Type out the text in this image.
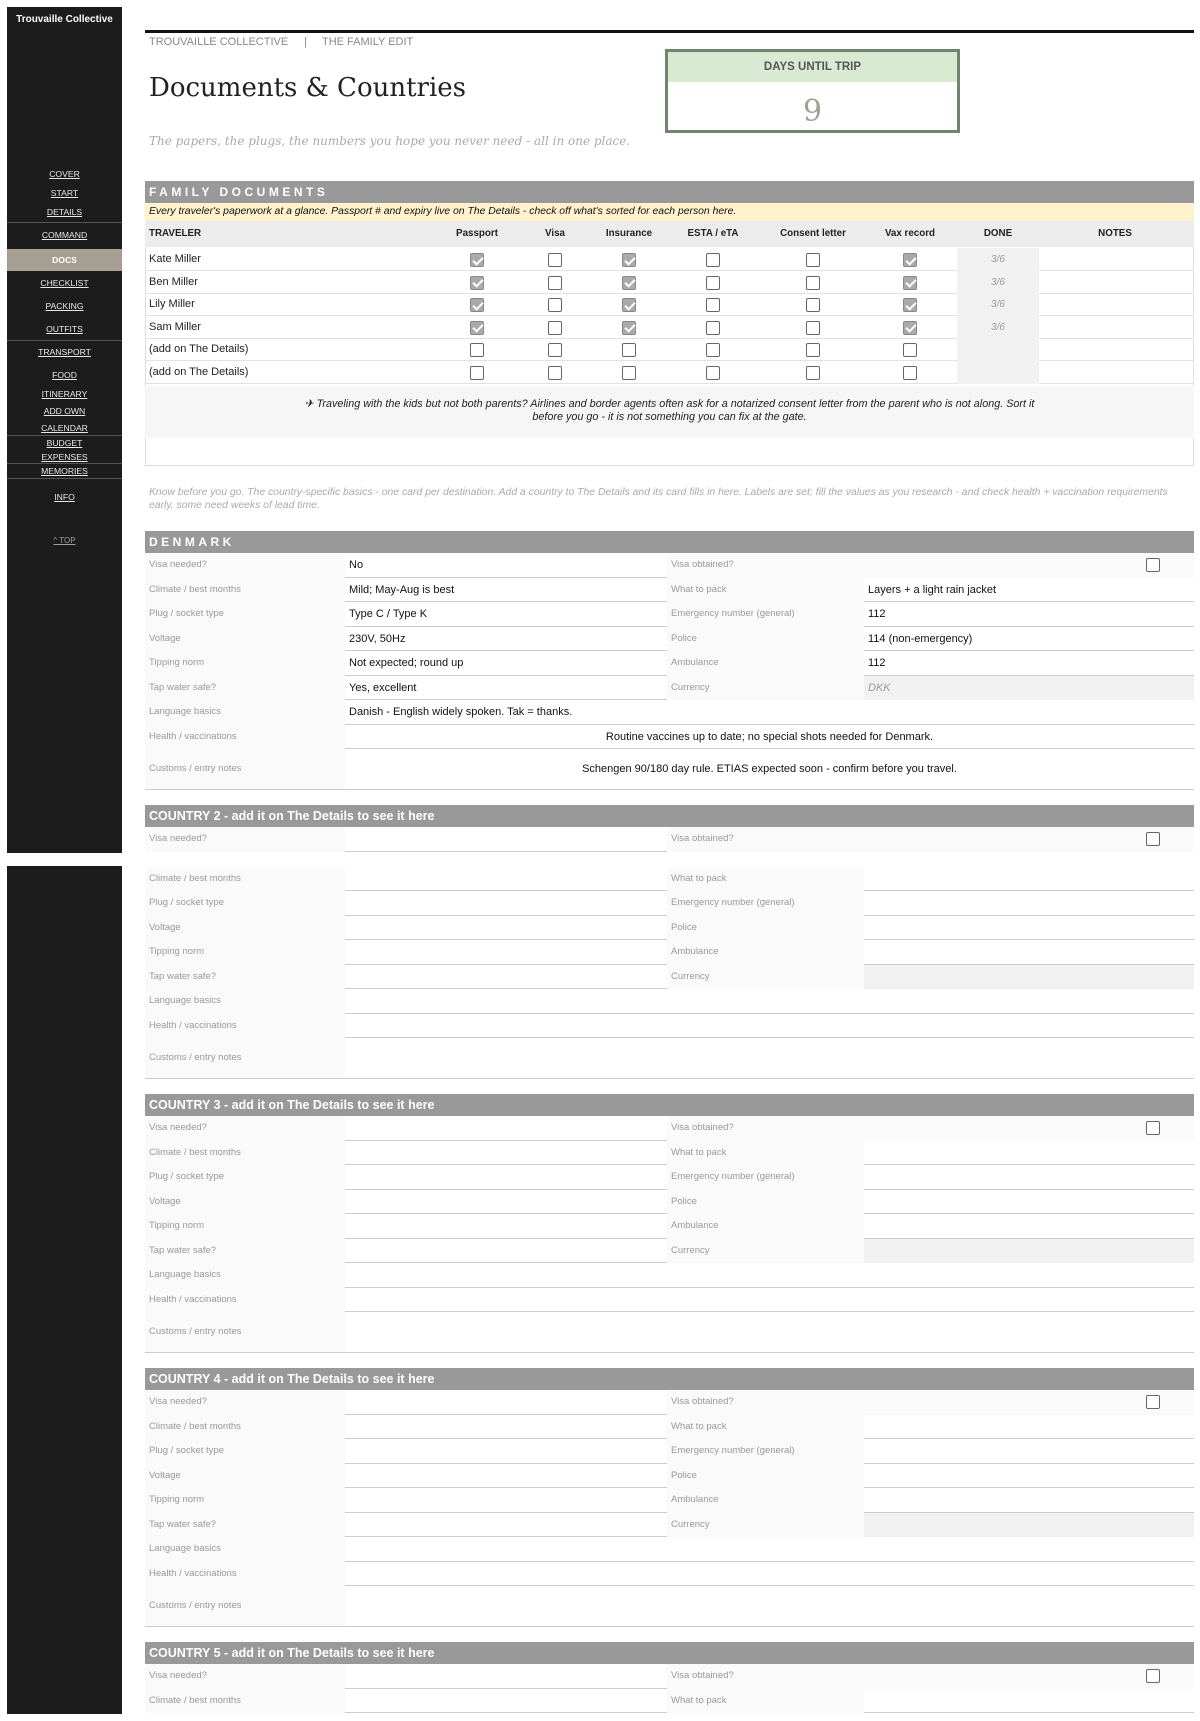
Trouvaille Collective
COVER
START
DETAILS
COMMAND
DOCS
CHECKLIST
PACKING
OUTFITS
TRANSPORT
FOOD
ITINERARY
ADD OWN
CALENDAR
BUDGET
EXPENSES
MEMORIES
INFO
^ TOP
TROUVAILLE COLLECTIVE | THE FAMILY EDIT
Documents & Countries
The papers, the plugs, the numbers you hope you never need - all in one place.
DAYS UNTIL TRIP
9
FAMILY DOCUMENTS
Every traveler's paperwork at a glance. Passport # and expiry live on The Details - check off what's sorted for each person here.
TRAVELER	Passport	Visa	Insurance	ESTA / eTA	Consent letter	Vax record	DONE	NOTES
Kate Miller	3/6
Ben Miller	3/6
Lily Miller	3/6
Sam Miller	3/6
(add on The Details)
(add on The Details)
✈ Traveling with the kids but not both parents? Airlines and border agents often ask for a notarized consent letter from the parent who is not along. Sort it before you go - it is not something you can fix at the gate.
Know before you go. The country-specific basics - one card per destination. Add a country to The Details and its card fills in here. Labels are set; fill the values as you research - and check health + vaccination requirements early, some need weeks of lead time.
DENMARK
Visa needed?	No	Visa obtained?
Climate / best months	Mild; May-Aug is best	What to pack	Layers + a light rain jacket
Plug / socket type	Type C / Type K	Emergency number (general)	112
Voltage	230V, 50Hz	Police	114 (non-emergency)
Tipping norm	Not expected; round up	Ambulance	112
Tap water safe?	Yes, excellent	Currency	DKK
Language basics	Danish - English widely spoken. Tak = thanks.
Health / vaccinations	Routine vaccines up to date; no special shots needed for Denmark.
Customs / entry notes	Schengen 90/180 day rule. ETIAS expected soon - confirm before you travel.
COUNTRY 2 - add it on The Details to see it here
Visa needed?	Visa obtained?
Climate / best months	What to pack
Plug / socket type	Emergency number (general)
Voltage	Police
Tipping norm	Ambulance
Tap water safe?	Currency
Language basics
Health / vaccinations
Customs / entry notes
COUNTRY 3 - add it on The Details to see it here
Visa needed?	Visa obtained?
Climate / best months	What to pack
Plug / socket type	Emergency number (general)
Voltage	Police
Tipping norm	Ambulance
Tap water safe?	Currency
Language basics
Health / vaccinations
Customs / entry notes
COUNTRY 4 - add it on The Details to see it here
Visa needed?	Visa obtained?
Climate / best months	What to pack
Plug / socket type	Emergency number (general)
Voltage	Police
Tipping norm	Ambulance
Tap water safe?	Currency
Language basics
Health / vaccinations
Customs / entry notes
COUNTRY 5 - add it on The Details to see it here
Visa needed?	Visa obtained?
Climate / best months	What to pack
